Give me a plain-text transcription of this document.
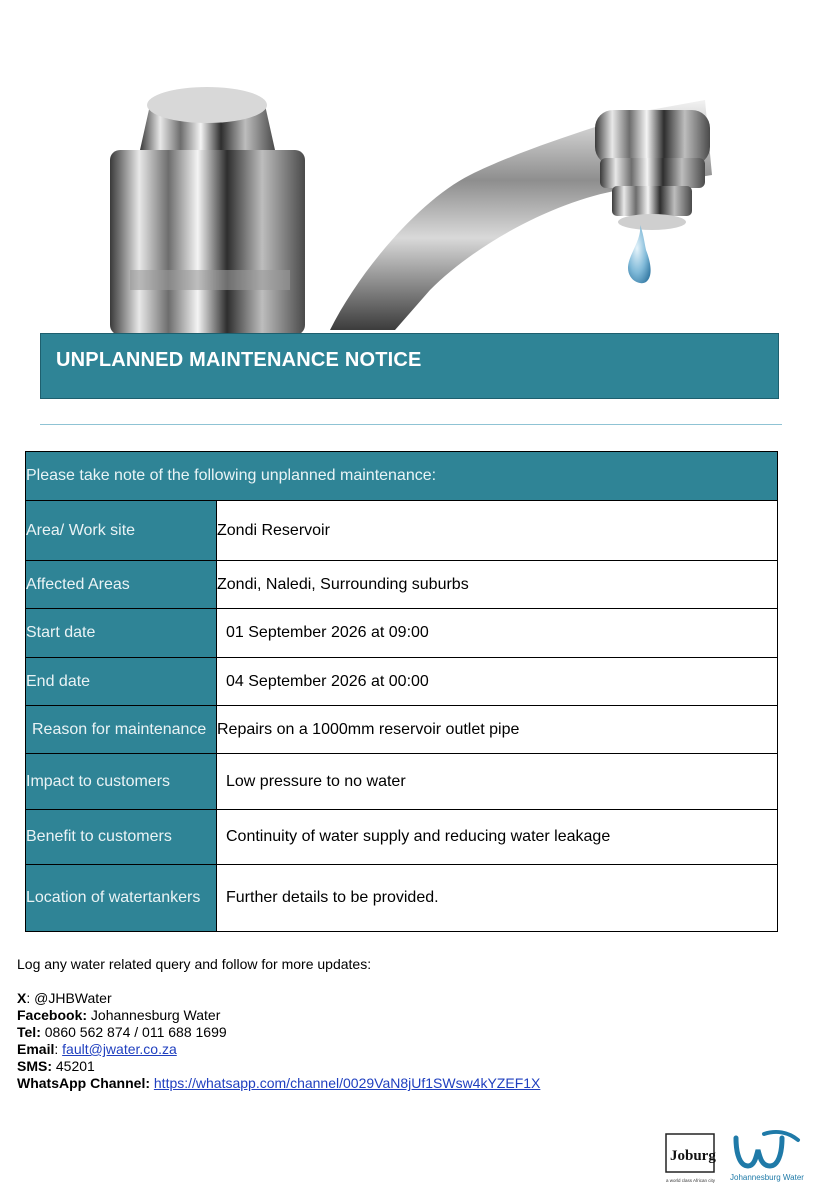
UNPLANNED MAINTENANCE NOTICE
Please take note of the following unplanned maintenance:	
Area/ Work site	Zondi Reservoir
Affected Areas	Zondi, Naledi, Surrounding suburbs
Start date	01 September 2026 at 09:00
End date	04 September 2026 at 00:00
Reason for maintenance	Repairs on a 1000mm reservoir outlet pipe
Impact to customers	Low pressure to no water
Benefit to customers	Continuity of water supply and reducing water leakage
Location of watertankers	Further details to be provided.

Log any water related query and follow for more updates:

X: @JHBWater

Facebook: Johannesburg Water

Tel: 0860 562 874 / 011 688 1699

Email: fault@jwater.co.za

SMS: 45201

WhatsApp Channel: https://whatsapp.com/channel/0029VaN8jUf1SWsw4kYZEF1X

Joburg
a world class African city Johannesburg Water
